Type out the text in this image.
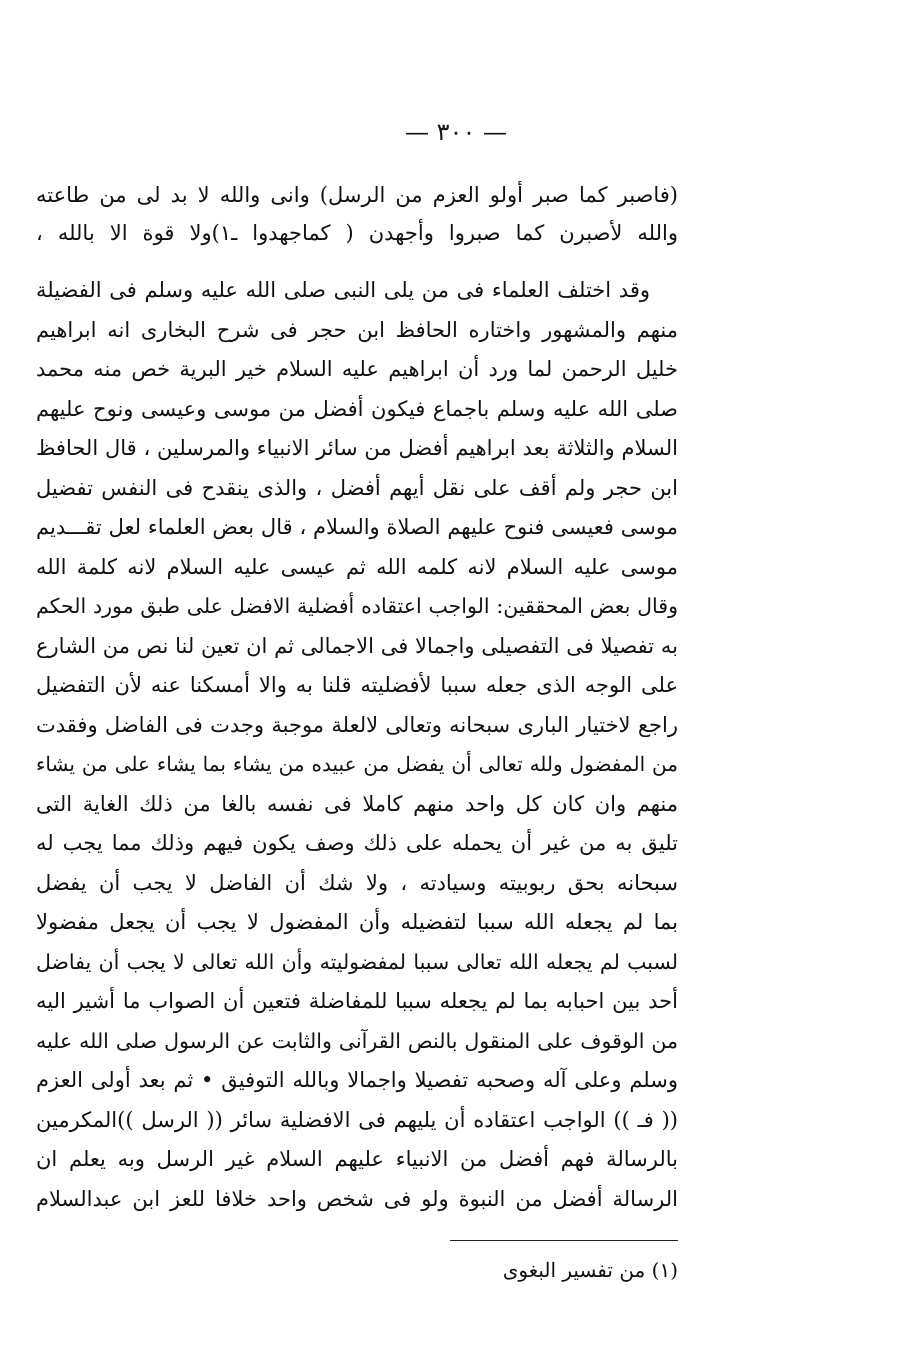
— ٣٠٠ —
(فاصبر كما صبر أولو العزم من الرسل) وانى والله لا بد لى من طاعته
والله لأصبرن كما صبروا وأجهدن ( كماجهدوا ـ١)ولا قوة الا بالله ،
وقد اختلف العلماء فى من يلى النبى صلى الله عليه وسلم فى الفضيلة
منهم والمشهور واختاره الحافظ ابن حجر فى شرح البخارى انه ابراهيم
خليل الرحمن لما ورد أن ابراهيم عليه السلام خير البرية خص منه محمد
صلى الله عليه وسلم باجماع فيكون أفضل من موسى وعيسى ونوح عليهم
السلام والثلاثة بعد ابراهيم أفضل من سائر الانبياء والمرسلين ، قال الحافظ
ابن حجر ولم أقف على نقل أيهم أفضل ، والذى ينقدح فى النفس تفضيل
موسى فعيسى فنوح عليهم الصلاة والسلام ، قال بعض العلماء لعل تقـــديم
موسى عليه السلام لانه كلمه الله ثم عيسى عليه السلام لانه كلمة الله
وقال بعض المحققين: الواجب اعتقاده أفضلية الافضل على طبق مورد الحكم
به تفصيلا فى التفصيلى واجمالا فى الاجمالى ثم ان تعين لنا نص من الشارع
على الوجه الذى جعله سببا لأفضليته قلنا به والا أمسكنا عنه لأن التفضيل
راجع لاختيار البارى سبحانه وتعالى لالعلة موجبة وجدت فى الفاضل وفقدت
من المفضول ولله تعالى أن يفضل من عبيده من يشاء بما يشاء على من يشاء
منهم وان كان كل واحد منهم كاملا فى نفسه بالغا من ذلك الغاية التى
تليق به من غير أن يحمله على ذلك وصف يكون فيهم وذلك مما يجب له
سبحانه بحق ربوبيته وسيادته ، ولا شك أن الفاضل لا يجب أن يفضل
بما لم يجعله الله سببا لتفضيله وأن المفضول لا يجب أن يجعل مفضولا
لسبب لم يجعله الله تعالى سببا لمفضوليته وأن الله تعالى لا يجب أن يفاضل
أحد بين احبابه بما لم يجعله سببا للمفاضلة فتعين أن الصواب ما أشير اليه
من الوقوف على المنقول بالنص القرآنى والثابت عن الرسول صلى الله عليه
وسلم وعلى آله وصحبه تفصيلا واجمالا وبالله التوفيق • ثم بعد أولى العزم
(( فـ )) الواجب اعتقاده أن يليهم فى الافضلية سائر (( الرسل ))المكرمين
بالرسالة فهم أفضل من الانبياء عليهم السلام غير الرسل وبه يعلم ان
الرسالة أفضل من النبوة ولو فى شخص واحد خلافا للعز ابن عبدالسلام
(١) من تفسير البغوى
